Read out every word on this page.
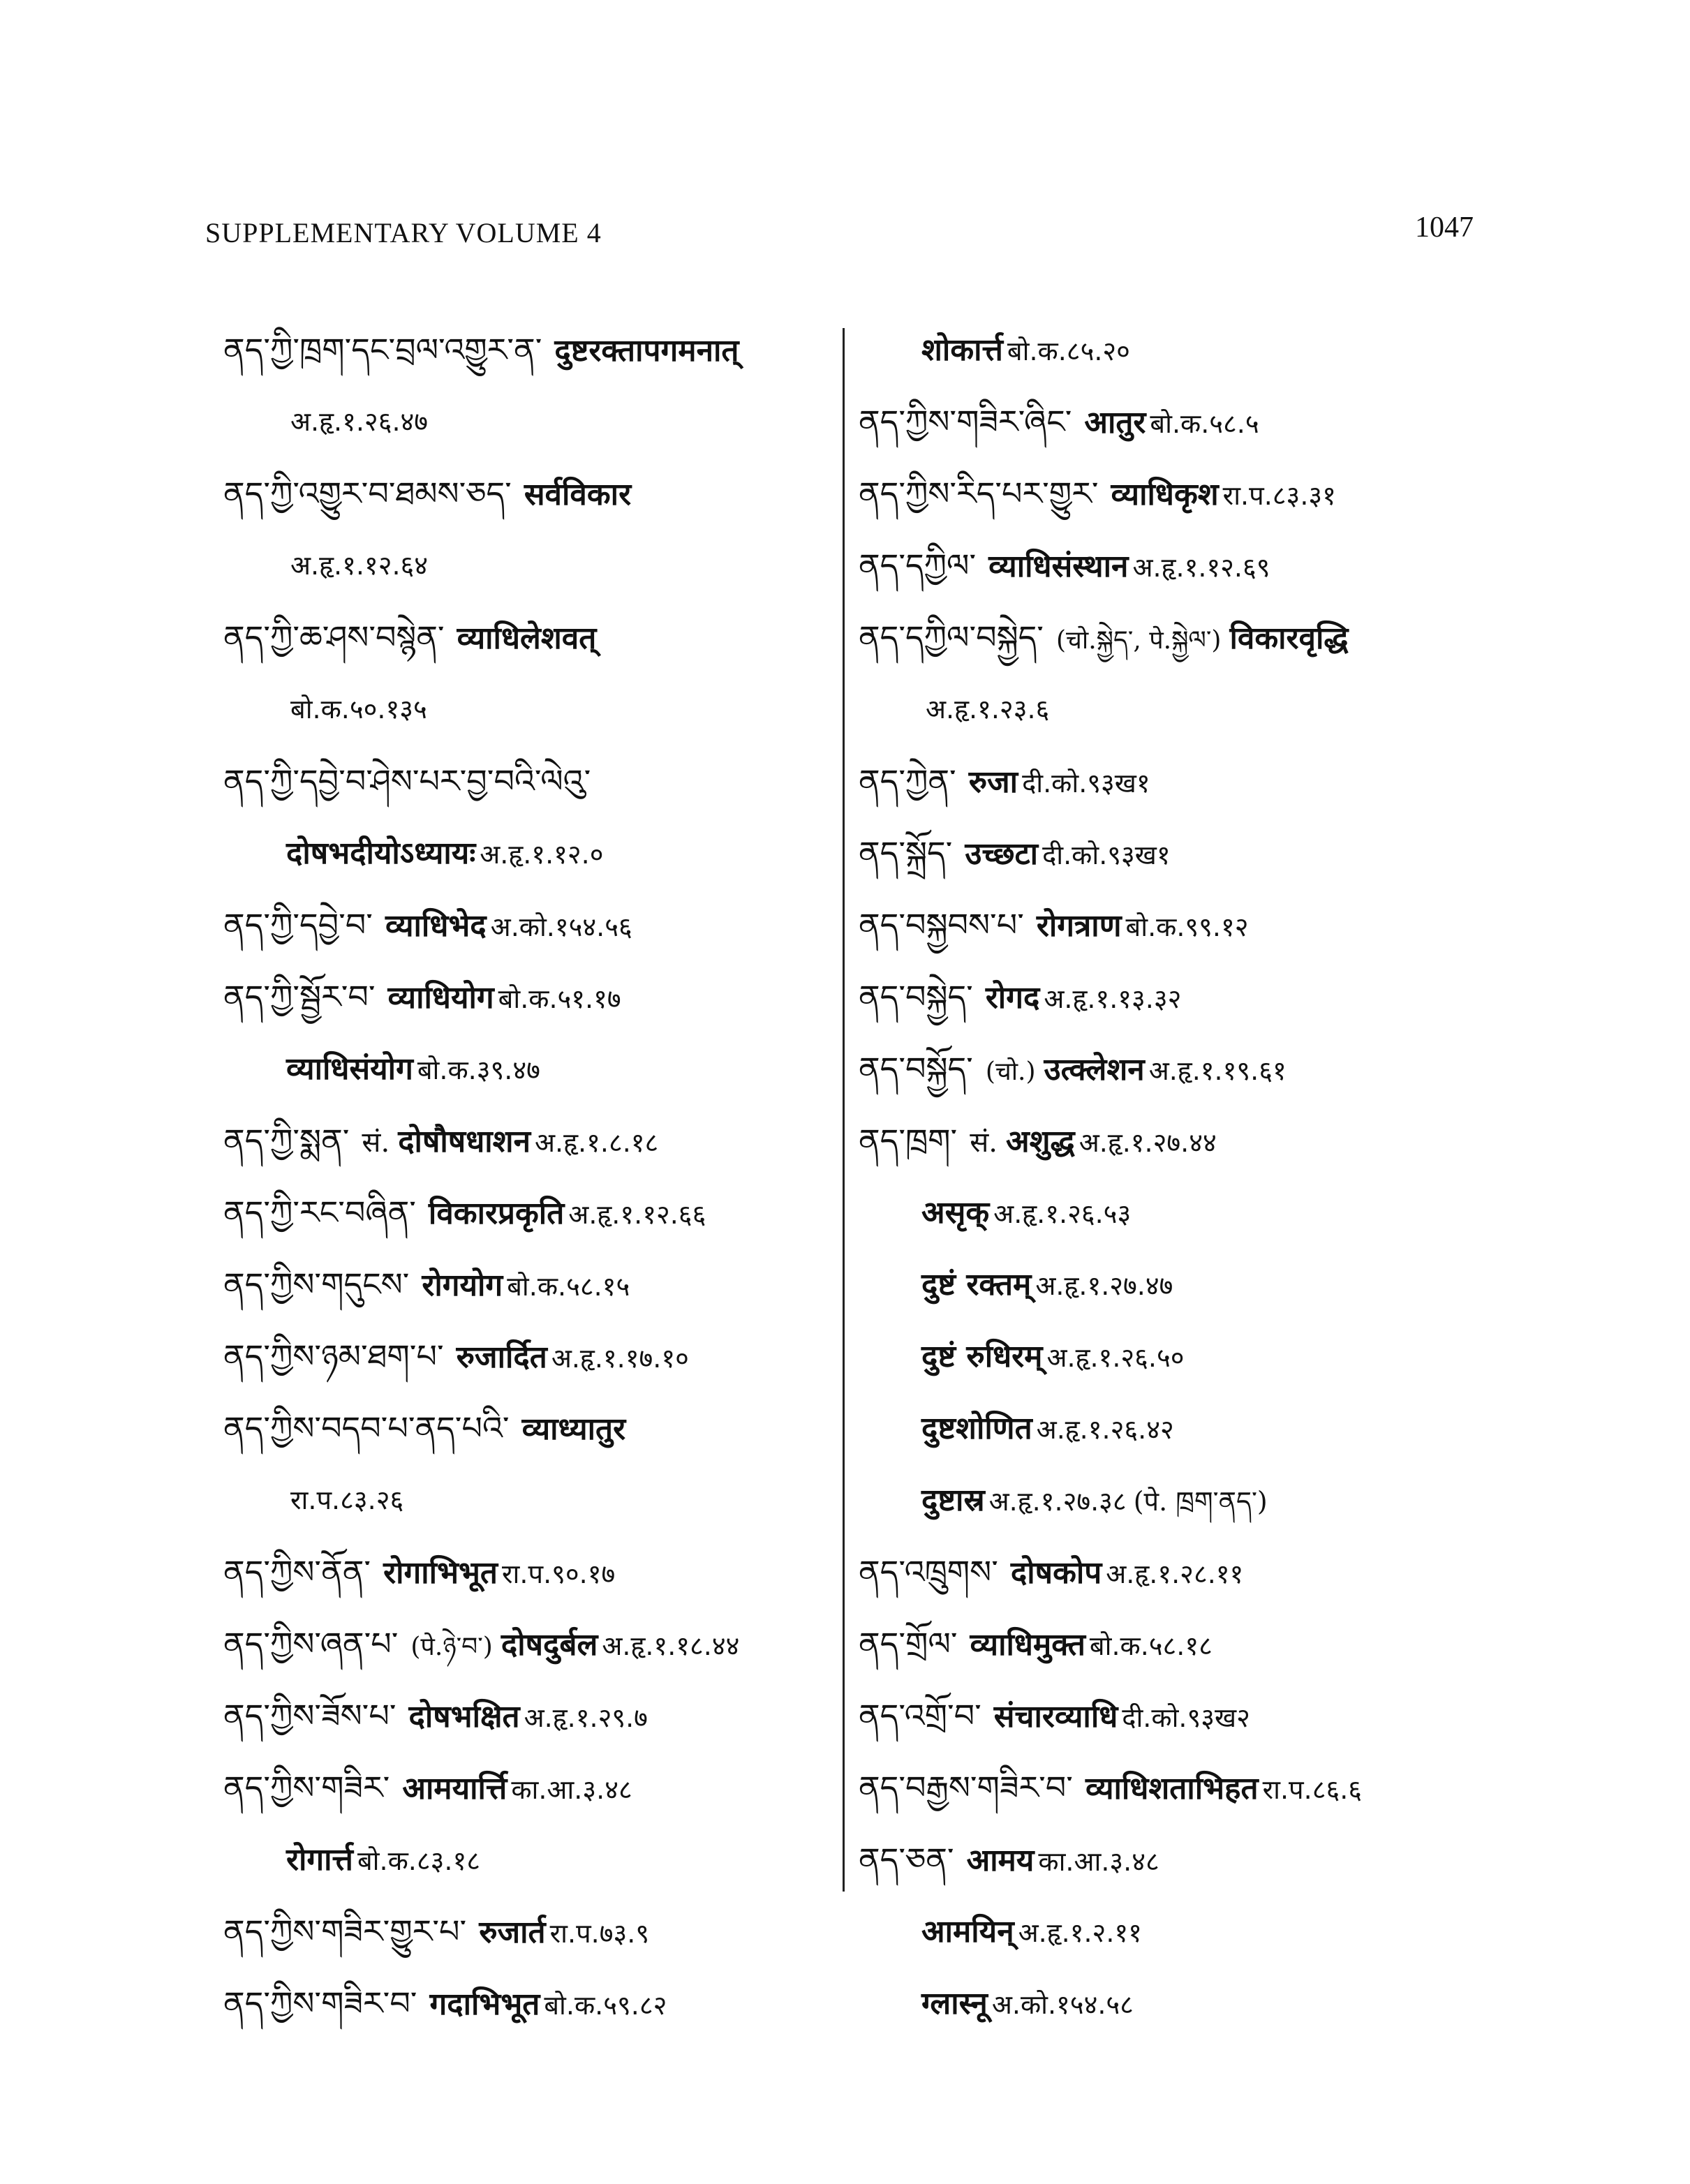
SUPPLEMENTARY VOLUME 4	1047
ནད་ཀྱི་ཁྲག་དང་བྲལ་འགྱུར་ན་ दुष्टरक्तापगमनात्
अ.हृ.१.२६.४७
ནད་ཀྱི་འགྱུར་བ་ཐམས་ཅད་ सर्वविकार
अ.हृ.१.१२.६४
ནད་ཀྱི་ཆ་ཤས་བསྙེན་ व्याधिलेशवत्
बो.क.५०.१३५
ནད་ཀྱི་དབྱེ་བ་ཤེས་པར་བྱ་བའི་ལེའུ་
दोषभदीयोऽध्यायः अ.हृ.१.१२.०
ནད་ཀྱི་དབྱེ་བ་ व्याधिभेद अ.को.१५४.५६
ནད་ཀྱི་སྦྱོར་བ་ व्याधियोग बो.क.५१.१७
व्याधिसंयोग बो.क.३९.४७
ནད་ཀྱི་སྨན་ सं. दोषौषधाशन अ.हृ.१.८.१८
ནད་ཀྱི་རང་བཞིན་ विकारप्रकृति अ.हृ.१.१२.६६
ནད་ཀྱིས་གདུངས་ रोगयोग बो.क.५८.१५
ནད་ཀྱིས་ཉམ་ཐག་པ་ रुजार्दित अ.हृ.१.१७.१०
ནད་ཀྱིས་བདབ་པ་ནད་པའི་ व्याध्यातुर
रा.प.८३.२६
ནད་ཀྱིས་ནོན་ रोगाभिभूत रा.प.९०.१७
ནད་ཀྱིས་ཞན་པ་ (पे.ཉེ་བ་) दोषदुर्बल अ.हृ.१.१८.४४
ནད་ཀྱིས་ཟོས་པ་ दोषभक्षित अ.हृ.१.२९.७
ནད་ཀྱིས་གཟིར་ आमयार्त्ति का.आ.३.४८
रोगार्त्त बो.क.८३.१८
ནད་ཀྱིས་གཟིར་གྱུར་པ་ रुजार्त रा.प.७३.९
ནད་ཀྱིས་གཟིར་བ་ गदाभिभूत बो.क.५९.८२
शोकार्त्त बो.क.८५.२०
ནད་ཀྱིས་གཟིར་ཞིང་ आतुर बो.क.५८.५
ནད་ཀྱིས་རིད་པར་གྱུར་ व्याधिकृश रा.प.८३.३१
ནད་དཀྱིལ་ व्याधिसंस्थान अ.हृ.१.१२.६९
ནད་དཀྱིལ་བསྐྱེད་ (चो.སྐྱེད་, पे.སྐྱེལ་) विकारवृद्धि
अ.हृ.१.२३.६
ནད་ཀྱེན་ रुजा दी.को.९३ख१
ནད་སྐྲོད་ उच्छटा दी.को.९३ख१
ནད་བསྐྱབས་པ་ रोगत्राण बो.क.९९.१२
ནད་བསྐྱེད་ रोगद अ.हृ.१.१३.३२
ནད་བསྐྱོད་ (चो.) उत्क्लेशन अ.हृ.१.१९.६१
ནད་ཁྲག་ सं. अशुद्ध अ.हृ.१.२७.४४
असृक् अ.हृ.१.२६.५३
दुष्टं रक्तम् अ.हृ.१.२७.४७
दुष्टं रुधिरम् अ.हृ.१.२६.५०
दुष्टशोणित अ.हृ.१.२६.४२
दुष्टास्र अ.हृ.१.२७.३८ (पे. ཁྲག་ནད་)
ནད་འཁྲུགས་ दोषकोप अ.हृ.१.२८.११
ནད་གྲོལ་ व्याधिमुक्त बो.क.५८.१८
ནད་འགྲོ་བ་ संचारव्याधि दी.को.९३ख२
ནད་བརྒྱས་གཟིར་བ་ व्याधिशताभिहत रा.प.८६.६
ནད་ཅན་ आमय का.आ.३.४८
आमयिन् अ.हृ.१.२.११
ग्लास्नू अ.को.१५४.५८
